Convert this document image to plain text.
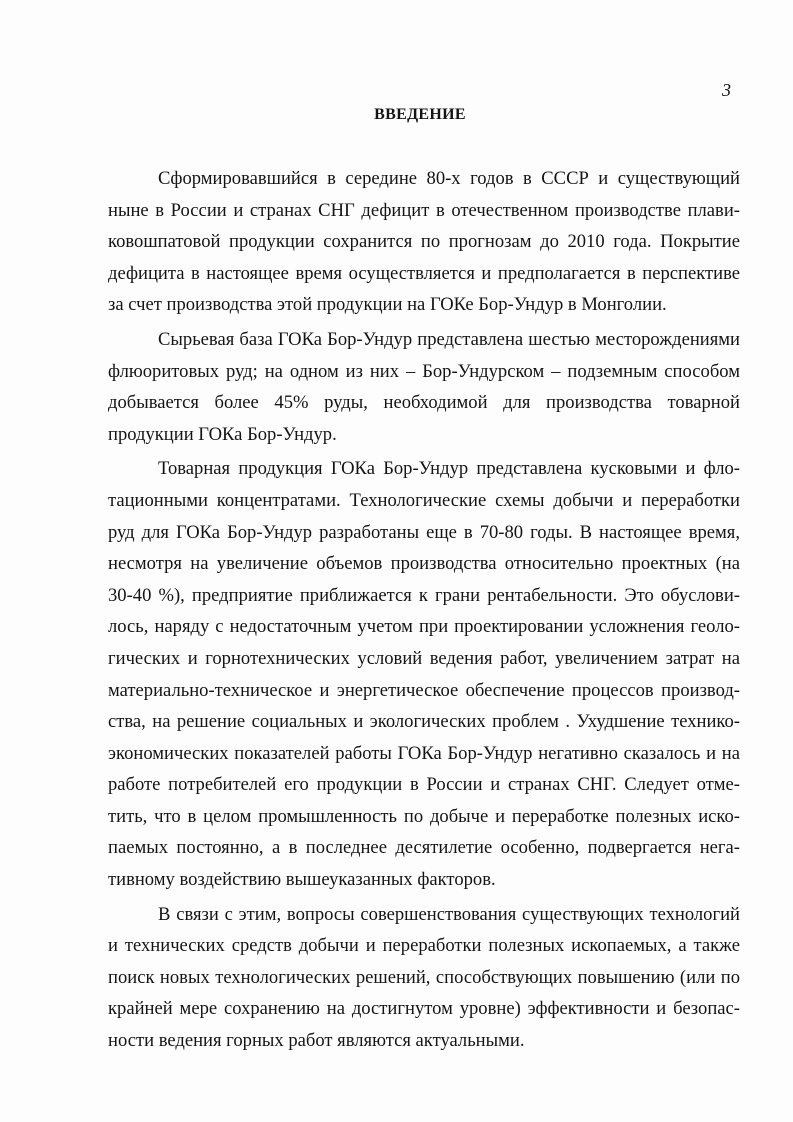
3
ВВЕДЕНИЕ

Сформировавшийся в середине 80-х годов в СССР и существующий ныне в России и странах СНГ дефицит в отечественном производстве плавиковошпатовой продукции сохранится по прогнозам до 2010 года. Покрытие дефицита в настоящее время осуществляется и предполагается в перспективе за счет производства этой продукции на ГОКе Бор-Ундур в Монголии.

Сырьевая база ГОКа Бор-Ундур представлена шестью месторождениями флюоритовых руд; на одном из них – Бор-Ундурском – подземным способом добывается более 45% руды, необходимой для производства товарной продукции ГОКа Бор-Ундур.

Товарная продукция ГОКа Бор-Ундур представлена кусковыми и флотационными концентратами. Технологические схемы добычи и переработки руд для ГОКа Бор-Ундур разработаны еще в 70-80 годы. В настоящее время, несмотря на увеличение объемов производства относительно проектных (на 30-40 %), предприятие приближается к грани рентабельности. Это обусловилось, наряду с недостаточным учетом при проектировании усложнения геологических и горнотехнических условий ведения работ, увеличением затрат на материально-техническое и энергетическое обеспечение процессов производства, на решение социальных и экологических проблем . Ухудшение технико-экономических показателей работы ГОКа Бор-Ундур негативно сказалось и на работе потребителей его продукции в России и странах СНГ. Следует отметить, что в целом промышленность по добыче и переработке полезных ископаемых постоянно, а в последнее десятилетие особенно, подвергается негативному воздействию вышеуказанных факторов.

В связи с этим, вопросы совершенствования существующих технологий и технических средств добычи и переработки полезных ископаемых, а также поиск новых технологических решений, способствующих повышению (или по крайней мере сохранению на достигнутом уровне) эффективности и безопасности ведения горных работ являются актуальными.
